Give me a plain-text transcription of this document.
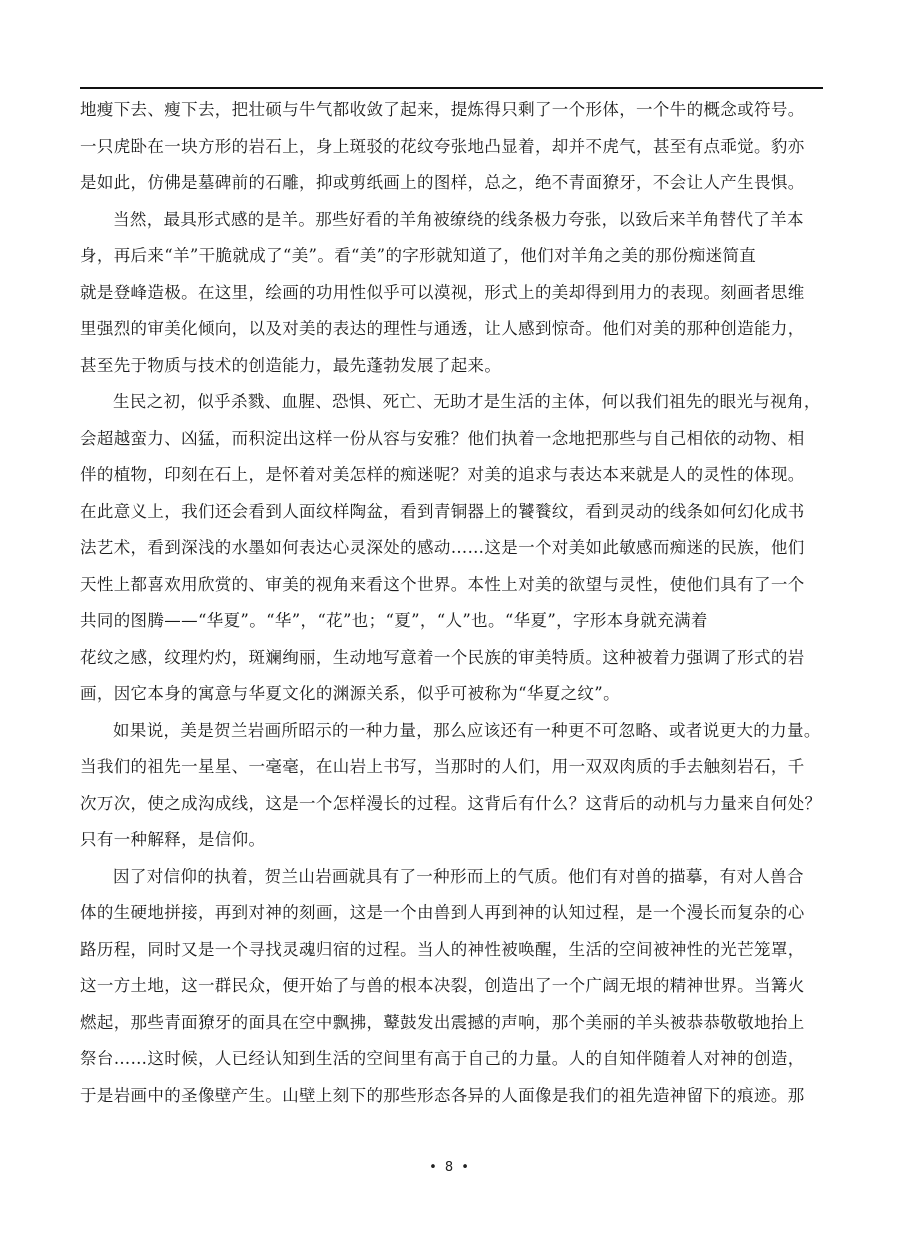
地瘦下去、瘦下去，把壮硕与牛气都收敛了起来，提炼得只剩了一个形体，一个牛的概念或符号。
一只虎卧在一块方形的岩石上，身上斑驳的花纹夸张地凸显着，却并不虎气，甚至有点乖觉。豹亦
是如此，仿佛是墓碑前的石雕，抑或剪纸画上的图样，总之，绝不青面獠牙，不会让人产生畏惧。
当然，最具形式感的是羊。那些好看的羊角被缭绕的线条极力夸张，以致后来羊角替代了羊本
身，再后来“羊”干脆就成了“美”。看“美”的字形就知道了，他们对羊角之美的那份痴迷简直
就是登峰造极。在这里，绘画的功用性似乎可以漠视，形式上的美却得到用力的表现。刻画者思维
里强烈的审美化倾向，以及对美的表达的理性与通透，让人感到惊奇。他们对美的那种创造能力，
甚至先于物质与技术的创造能力，最先蓬勃发展了起来。
生民之初，似乎杀戮、血腥、恐惧、死亡、无助才是生活的主体，何以我们祖先的眼光与视角，
会超越蛮力、凶猛，而积淀出这样一份从容与安雅？他们执着一念地把那些与自己相依的动物、相
伴的植物，印刻在石上，是怀着对美怎样的痴迷呢？对美的追求与表达本来就是人的灵性的体现。
在此意义上，我们还会看到人面纹样陶盆，看到青铜器上的饕餮纹，看到灵动的线条如何幻化成书
法艺术，看到深浅的水墨如何表达心灵深处的感动……这是一个对美如此敏感而痴迷的民族，他们
天性上都喜欢用欣赏的、审美的视角来看这个世界。本性上对美的欲望与灵性，使他们具有了一个
共同的图腾——“华夏”。“华”，“花”也；“夏”，“人”也。“华夏”，字形本身就充满着
花纹之感，纹理灼灼，斑斓绚丽，生动地写意着一个民族的审美特质。这种被着力强调了形式的岩
画，因它本身的寓意与华夏文化的渊源关系，似乎可被称为“华夏之纹”。
如果说，美是贺兰岩画所昭示的一种力量，那么应该还有一种更不可忽略、或者说更大的力量。
当我们的祖先一星星、一毫毫，在山岩上书写，当那时的人们，用一双双肉质的手去触刻岩石，千
次万次，使之成沟成线，这是一个怎样漫长的过程。这背后有什么？这背后的动机与力量来自何处？
只有一种解释，是信仰。
因了对信仰的执着，贺兰山岩画就具有了一种形而上的气质。他们有对兽的描摹，有对人兽合
体的生硬地拼接，再到对神的刻画，这是一个由兽到人再到神的认知过程，是一个漫长而复杂的心
路历程，同时又是一个寻找灵魂归宿的过程。当人的神性被唤醒，生活的空间被神性的光芒笼罩，
这一方土地，这一群民众，便开始了与兽的根本决裂，创造出了一个广阔无垠的精神世界。当篝火
燃起，那些青面獠牙的面具在空中飘拂，鼙鼓发出震撼的声响，那个美丽的羊头被恭恭敬敬地抬上
祭台……这时候，人已经认知到生活的空间里有高于自己的力量。人的自知伴随着人对神的创造，
于是岩画中的圣像壁产生。山壁上刻下的那些形态各异的人面像是我们的祖先造神留下的痕迹。那
• 8 •
